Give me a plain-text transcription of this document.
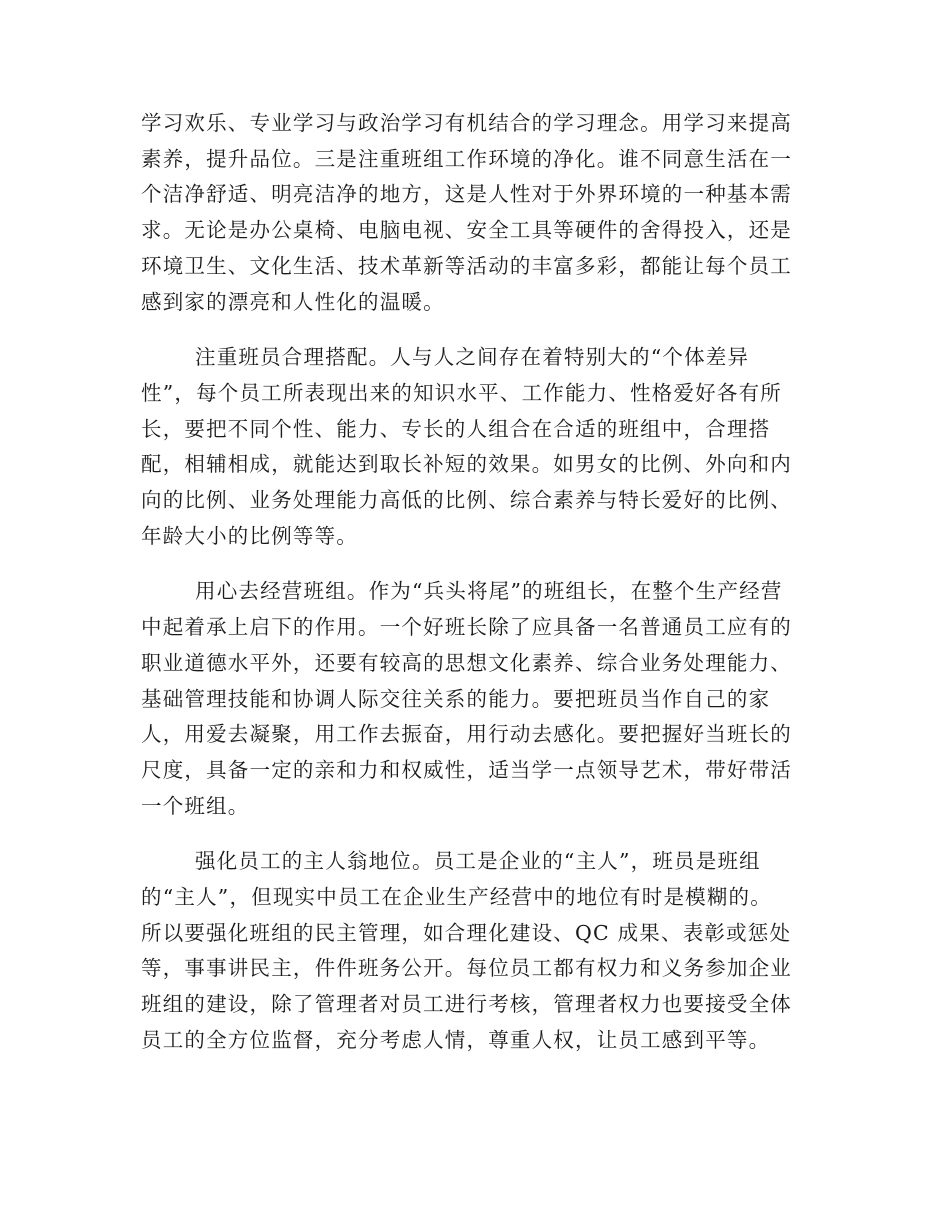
学习欢乐、专业学习与政治学习有机结合的学习理念。用学习来提高
素养，提升品位。三是注重班组工作环境的净化。谁不同意生活在一
个洁净舒适、明亮洁净的地方，这是人性对于外界环境的一种基本需
求。无论是办公桌椅、电脑电视、安全工具等硬件的舍得投入，还是
环境卫生、文化生活、技术革新等活动的丰富多彩，都能让每个员工
感到家的漂亮和人性化的温暖。

注重班员合理搭配。人与人之间存在着特别大的“个体差异
性”，每个员工所表现出来的知识水平、工作能力、性格爱好各有所
长，要把不同个性、能力、专长的人组合在合适的班组中，合理搭
配，相辅相成，就能达到取长补短的效果。如男女的比例、外向和内
向的比例、业务处理能力高低的比例、综合素养与特长爱好的比例、
年龄大小的比例等等。

用心去经营班组。作为“兵头将尾”的班组长，在整个生产经营
中起着承上启下的作用。一个好班长除了应具备一名普通员工应有的
职业道德水平外，还要有较高的思想文化素养、综合业务处理能力、
基础管理技能和协调人际交往关系的能力。要把班员当作自己的家
人，用爱去凝聚，用工作去振奋，用行动去感化。要把握好当班长的
尺度，具备一定的亲和力和权威性，适当学一点领导艺术，带好带活
一个班组。

强化员工的主人翁地位。员工是企业的“主人”，班员是班组
的“主人”，但现实中员工在企业生产经营中的地位有时是模糊的。
所以要强化班组的民主管理，如合理化建设、QC 成果、表彰或惩处
等，事事讲民主，件件班务公开。每位员工都有权力和义务参加企业
班组的建设，除了管理者对员工进行考核，管理者权力也要接受全体
员工的全方位监督，充分考虑人情，尊重人权，让员工感到平等。
